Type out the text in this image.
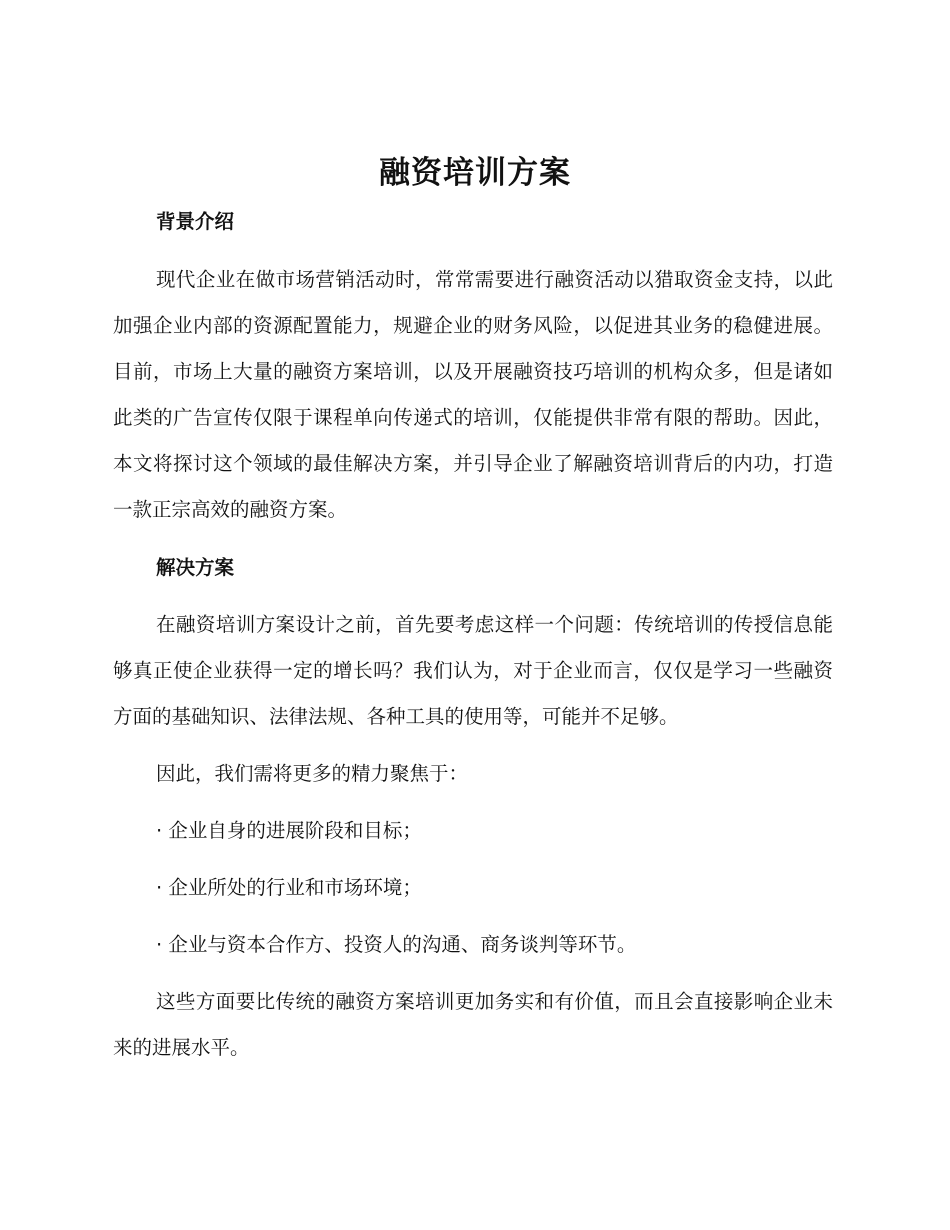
融资培训方案

背景介绍

现代企业在做市场营销活动时，常常需要进行融资活动以猎取资金支持，以此加强企业内部的资源配置能力，规避企业的财务风险，以促进其业务的稳健进展。目前，市场上大量的融资方案培训，以及开展融资技巧培训的机构众多，但是诸如此类的广告宣传仅限于课程单向传递式的培训，仅能提供非常有限的帮助。因此，本文将探讨这个领域的最佳解决方案，并引导企业了解融资培训背后的内功，打造一款正宗高效的融资方案。

解决方案

在融资培训方案设计之前，首先要考虑这样一个问题：传统培训的传授信息能够真正使企业获得一定的增长吗？我们认为，对于企业而言，仅仅是学习一些融资方面的基础知识、法律法规、各种工具的使用等，可能并不足够。

因此，我们需将更多的精力聚焦于：

· 企业自身的进展阶段和目标；

· 企业所处的行业和市场环境；

· 企业与资本合作方、投资人的沟通、商务谈判等环节。

这些方面要比传统的融资方案培训更加务实和有价值，而且会直接影响企业未来的进展水平。
